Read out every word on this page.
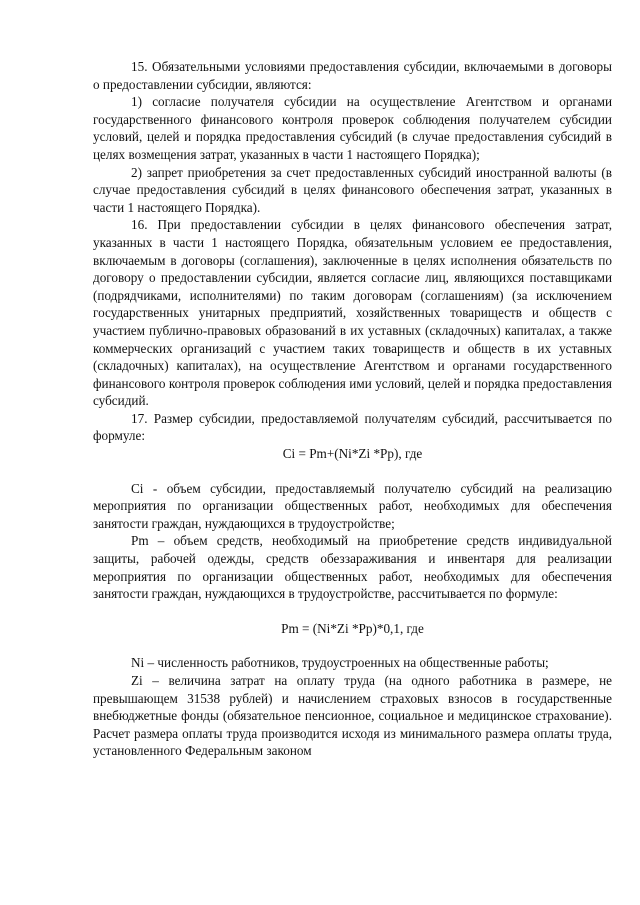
15. Обязательными условиями предоставления субсидии, включаемыми в договоры о предоставлении субсидии, являются:

1) согласие получателя субсидии на осуществление Агентством и органами государственного финансового контроля проверок соблюдения получателем субсидии условий, целей и порядка предоставления субсидий (в случае предоставления субсидий в целях возмещения затрат, указанных в части 1 настоящего Порядка);

2) запрет приобретения за счет предоставленных субсидий иностранной валюты (в случае предоставления субсидий в целях финансового обеспечения затрат, указанных в части 1 настоящего Порядка).

16. При предоставлении субсидии в целях финансового обеспечения затрат, указанных в части 1 настоящего Порядка, обязательным условием ее предоставления, включаемым в договоры (соглашения), заключенные в целях исполнения обязательств по договору о предоставлении субсидии, является согласие лиц, являющихся поставщиками (подрядчиками, исполнителями) по таким договорам (соглашениям) (за исключением государственных унитарных предприятий, хозяйственных товариществ и обществ с участием публично-правовых образований в их уставных (складочных) капиталах, а также коммерческих организаций с участием таких товариществ и обществ в их уставных (складочных) капиталах), на осуществление Агентством и органами государственного финансового контроля проверок соблюдения ими условий, целей и порядка предоставления субсидий.

17. Размер субсидии, предоставляемой получателям субсидий, рассчитывается по формуле:

Ci = Pm+(Ni*Zi *Pp), где

Ci - объем субсидии, предоставляемый получателю субсидий на реализацию мероприятия по организации общественных работ, необходимых для обеспечения занятости граждан, нуждающихся в трудоустройстве;

Pm – объем средств, необходимый на приобретение средств индивидуальной защиты, рабочей одежды, средств обеззараживания и инвентаря для реализации мероприятия по организации общественных работ, необходимых для обеспечения занятости граждан, нуждающихся в трудоустройстве, рассчитывается по формуле:

Pm = (Ni*Zi *Pp)*0,1, где

Ni – численность работников, трудоустроенных на общественные работы;

Zi – величина затрат на оплату труда (на одного работника в размере, не превышающем 31538 рублей) и начислением страховых взносов в государственные внебюджетные фонды (обязательное пенсионное, социальное и медицинское страхование). Расчет размера оплаты труда производится исходя из минимального размера оплаты труда, установленного Федеральным законом
